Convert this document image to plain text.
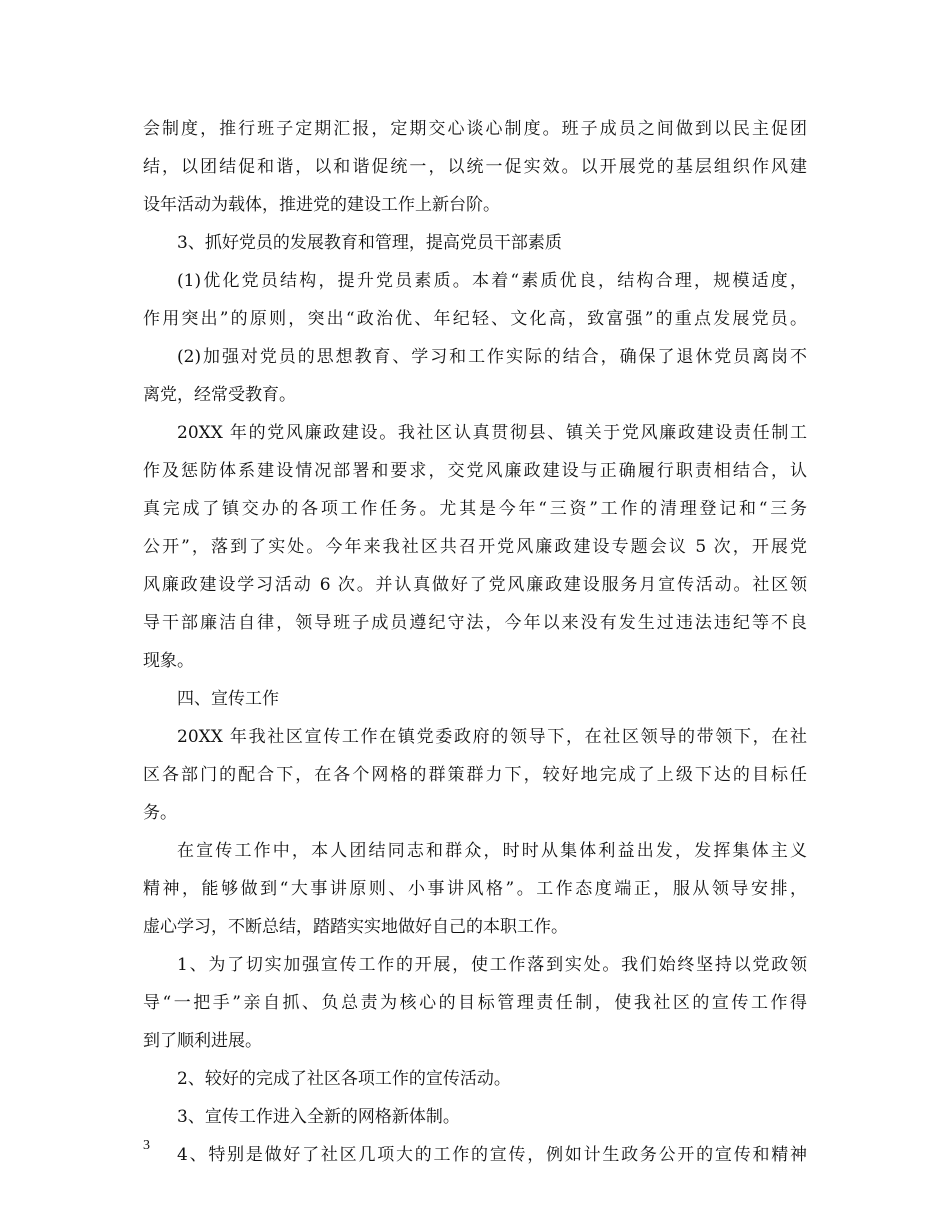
会制度，推行班子定期汇报，定期交心谈心制度。班子成员之间做到以民主促团
结，以团结促和谐，以和谐促统一，以统一促实效。以开展党的基层组织作风建
设年活动为载体，推进党的建设工作上新台阶。
3、抓好党员的发展教育和管理，提高党员干部素质
(1)优化党员结构，提升党员素质。本着“素质优良，结构合理，规模适度，
作用突出”的原则，突出“政治优、年纪轻、文化高，致富强”的重点发展党员。
(2)加强对党员的思想教育、学习和工作实际的结合，确保了退休党员离岗不
离党，经常受教育。
20XX 年的党风廉政建设。我社区认真贯彻县、镇关于党风廉政建设责任制工
作及惩防体系建设情况部署和要求，交党风廉政建设与正确履行职责相结合，认
真完成了镇交办的各项工作任务。尤其是今年“三资”工作的清理登记和“三务
公开”，落到了实处。今年来我社区共召开党风廉政建设专题会议 5 次，开展党
风廉政建设学习活动 6 次。并认真做好了党风廉政建设服务月宣传活动。社区领
导干部廉洁自律，领导班子成员遵纪守法，今年以来没有发生过违法违纪等不良
现象。
四、宣传工作
20XX 年我社区宣传工作在镇党委政府的领导下，在社区领导的带领下，在社
区各部门的配合下，在各个网格的群策群力下，较好地完成了上级下达的目标任
务。
在宣传工作中，本人团结同志和群众，时时从集体利益出发，发挥集体主义
精神，能够做到“大事讲原则、小事讲风格”。工作态度端正，服从领导安排，
虚心学习，不断总结，踏踏实实地做好自己的本职工作。
1、为了切实加强宣传工作的开展，使工作落到实处。我们始终坚持以党政领
导“一把手”亲自抓、负总责为核心的目标管理责任制，使我社区的宣传工作得
到了顺利进展。
2、较好的完成了社区各项工作的宣传活动。
3、宣传工作进入全新的网格新体制。
4、特别是做好了社区几项大的工作的宣传，例如计生政务公开的宣传和精神
3
